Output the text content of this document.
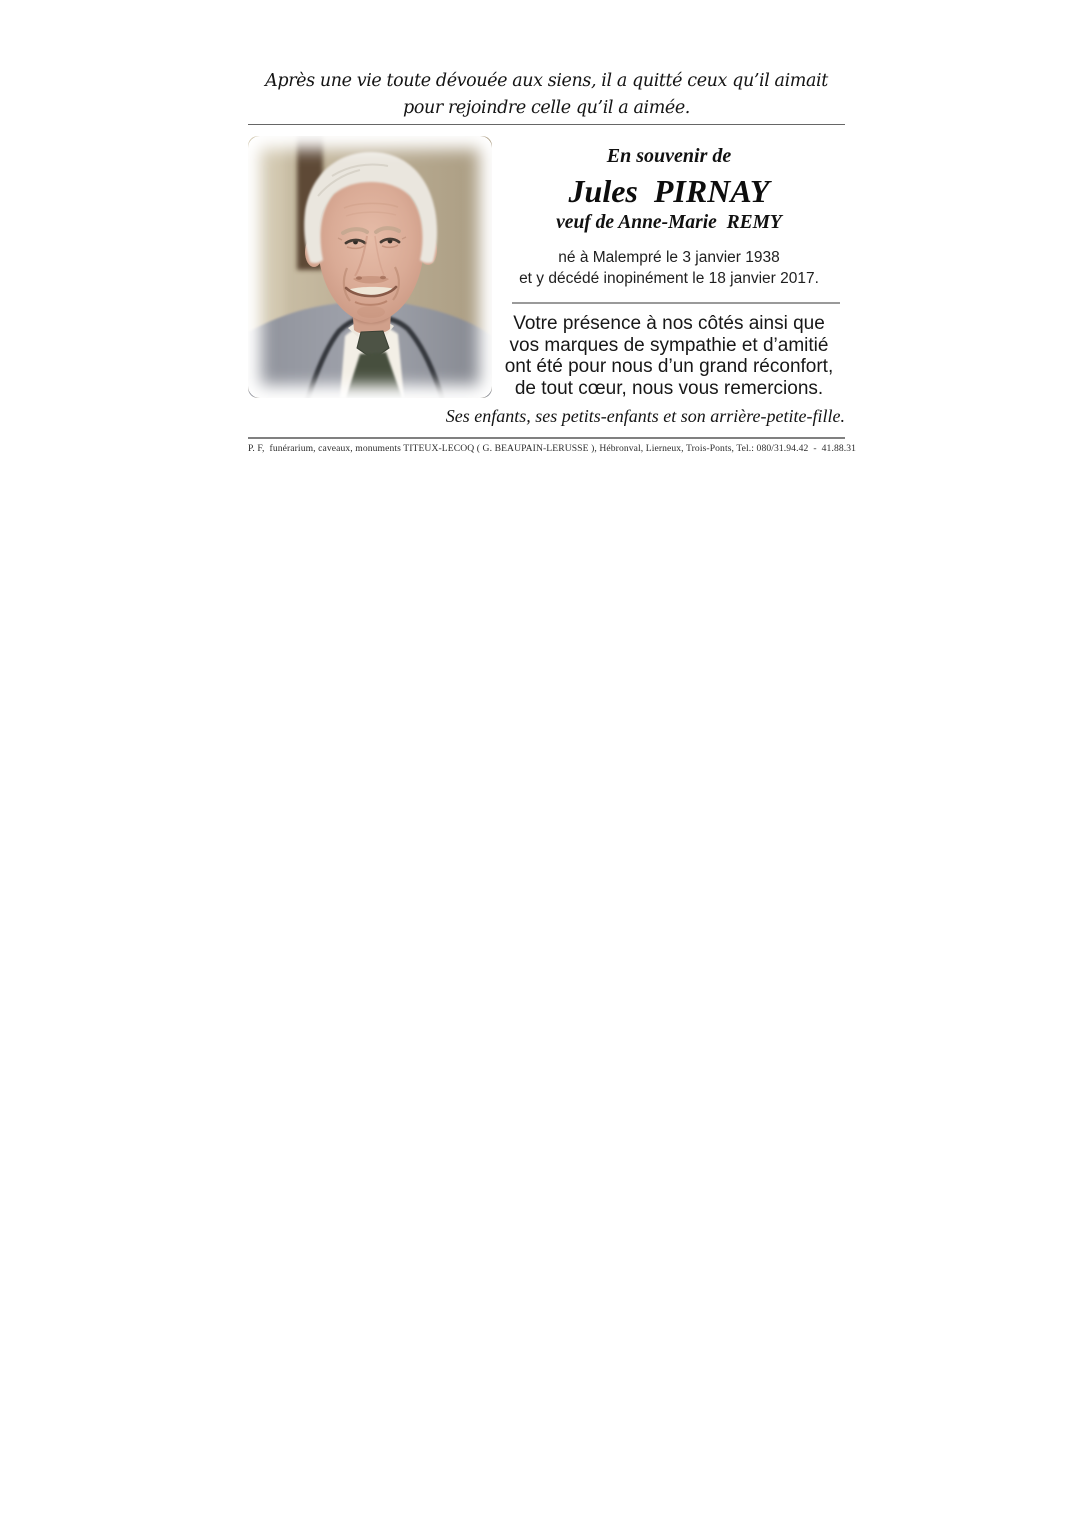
Après une vie toute dévouée aux siens, il a quitté ceux qu’il aimait
pour rejoindre celle qu’il a aimée.
En souvenir de
Jules  PIRNAY
veuf de Anne-Marie  REMY
né à Malempré le 3 janvier 1938
et y décédé inopinément le 18 janvier 2017.
Votre présence à nos côtés ainsi que
vos marques de sympathie et d’amitié
ont été pour nous d’un grand réconfort,
de tout cœur, nous vous remercions.
Ses enfants, ses petits-enfants et son arrière-petite-fille.
P. F,  funérarium, caveaux, monuments TITEUX-LECOQ ( G. BEAUPAIN-LERUSSE ), Hébronval, Lierneux, Trois-Ponts, Tel.: 080/31.94.42  -  41.88.31
